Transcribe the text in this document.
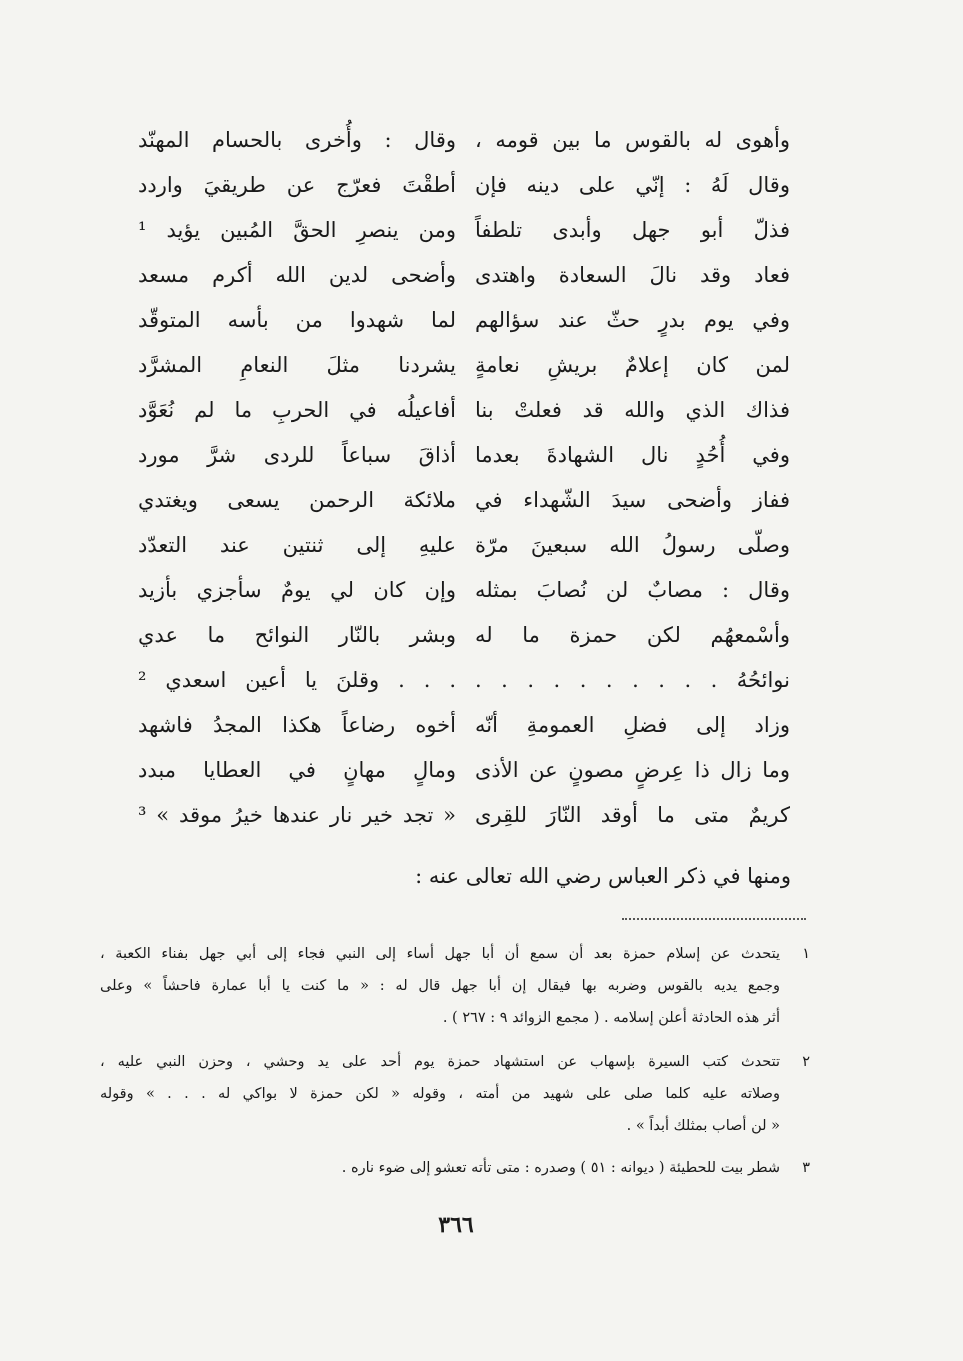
وأهوى له بالقوس ما بين قومه ،
وقال : وأُخرى بالحسام المهنّد
وقال لَهُ : إنّي على دينه فإن
أطقْتَ فعرّج عن طريقيَ واردد
فذلّ أبو جهل وأبدى تلطفاً
ومن ينصرِ الحقَّ المُبين يؤيد ¹
فعاد وقد نالَ السعادة واهتدى
وأضحى لدين الله أكرم مسعد
وفي يوم بدرٍ حثّ عند سؤالهم
لما شهدوا من بأسه المتوقّد
لمن كان إعلامٌ بريشِ نعامةٍ
يشردنا مثلَ النعامِ المشرَّد
فذاك الذي والله قد فعلتْ بنا
أفاعيلُه في الحربِ ما لم نُعَوَّد
وفي أُحُدٍ نال الشهادةَ بعدما
أذاقَ سباعاً للردى شرَّ مورد
ففاز وأضحى سيدَ الشّهداء في
ملائكة الرحمن يسعى ويغتدي
وصلّى رسولُ الله سبعينَ مرّة
عليهِ إلى ثنتين عند التعدّد
وقال : مصابٌ لن نُصابَ بمثله
وإن كان لي يومٌ سأجزي بأزيد
وأسْمعهُم لكن حمزة ما له
وبشر بالنّار النوائح ما عدي
نوائحُهُ . . . . . . . . . .
. . . وقلنَ يا أعين اسعدي ²
وزاد إلى فضلِ العمومةِ أنّه
أخوه رضاعاً هكذا المجدُ فاشهد
وما زال ذا عِرضٍ مصونٍ عن الأذى
ومالٍ مهانٍ في العطايا مبدد
كريمٌ متى ما أوقد النّارَ للقِرى
« تجد خير نار عندها خيرُ موقد » ³
ومنها في ذكر العباس رضي الله تعالى عنه :
١
يتحدث عن إسلام حمزة بعد أن سمع أن أبا جهل أساء إلى النبي فجاء إلى أبي جهل بفناء الكعبة ،
وجمع يديه بالقوس وضربه بها فيقال إن أبا جهل قال له : « ما كنت يا أبا عمارة فاحشاً » وعلى
أثر هذه الحادثة أعلن إسلامه . ( مجمع الزوائد ٩ : ٢٦٧ ) .
٢
تتحدث كتب السيرة بإسهاب عن استشهاد حمزة يوم أحد على يد وحشي ، وحزن النبي عليه ،
وصلاته عليه كلما صلى على شهيد من أمته ، وقوله « لكن حمزة لا بواكي له . . . » وقوله
« لن أصاب بمثلك أبداً » .
٣
شطر بيت للحطيئة ( ديوانه : ٥١ ) وصدره : متى تأته تعشو إلى ضوء ناره .
٣٦٦
